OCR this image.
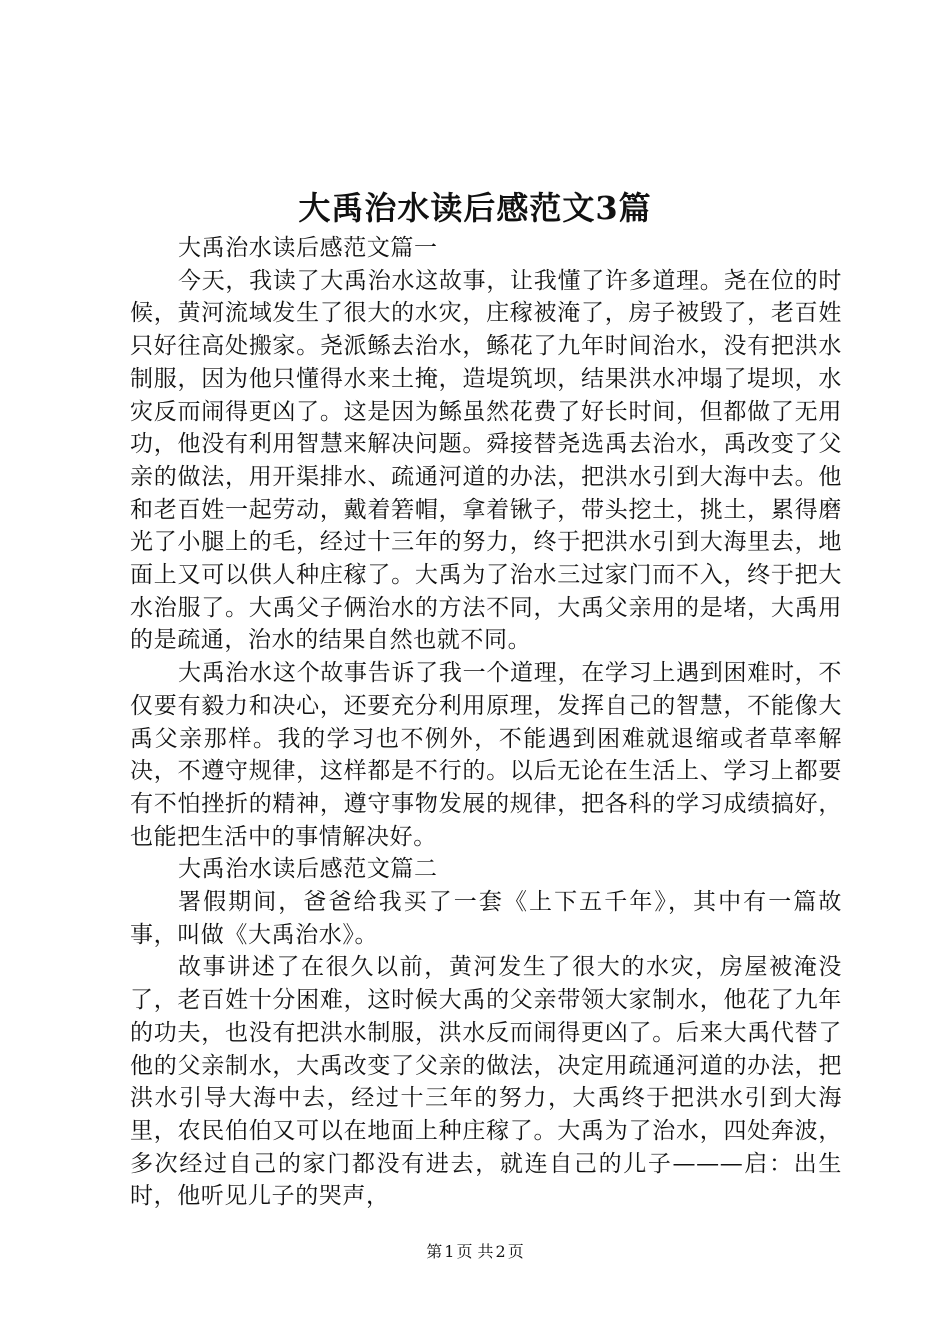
大禹治水读后感范文3篇

大禹治水读后感范文篇一

今天，我读了大禹治水这故事，让我懂了许多道理。尧在位的时候，黄河流域发生了很大的水灾，庄稼被淹了，房子被毁了，老百姓只好往高处搬家。尧派鲧去治水，鲧花了九年时间治水，没有把洪水制服，因为他只懂得水来土掩，造堤筑坝，结果洪水冲塌了堤坝，水灾反而闹得更凶了。这是因为鲧虽然花费了好长时间，但都做了无用功，他没有利用智慧来解决问题。舜接替尧选禹去治水，禹改变了父亲的做法，用开渠排水、疏通河道的办法，把洪水引到大海中去。他和老百姓一起劳动，戴着箬帽，拿着锹子，带头挖土，挑土，累得磨光了小腿上的毛，经过十三年的努力，终于把洪水引到大海里去，地面上又可以供人种庄稼了。大禹为了治水三过家门而不入，终于把大水治服了。大禹父子俩治水的方法不同，大禹父亲用的是堵，大禹用的是疏通，治水的结果自然也就不同。

大禹治水这个故事告诉了我一个道理，在学习上遇到困难时，不仅要有毅力和决心，还要充分利用原理，发挥自己的智慧，不能像大禹父亲那样。我的学习也不例外，不能遇到困难就退缩或者草率解决，不遵守规律，这样都是不行的。以后无论在生活上、学习上都要有不怕挫折的精神，遵守事物发展的规律，把各科的学习成绩搞好，也能把生活中的事情解决好。

大禹治水读后感范文篇二

署假期间，爸爸给我买了一套《上下五千年》，其中有一篇故事，叫做《大禹治水》。

故事讲述了在很久以前，黄河发生了很大的水灾，房屋被淹没了，老百姓十分困难，这时候大禹的父亲带领大家制水，他花了九年的功夫，也没有把洪水制服，洪水反而闹得更凶了。后来大禹代替了他的父亲制水，大禹改变了父亲的做法，决定用疏通河道的办法，把洪水引导大海中去，经过十三年的努力，大禹终于把洪水引到大海里，农民伯伯又可以在地面上种庄稼了。大禹为了治水，四处奔波，多次经过自己的家门都没有进去，就连自己的儿子———启：出生时，他听见儿子的哭声，

第 1 页 共 2 页
